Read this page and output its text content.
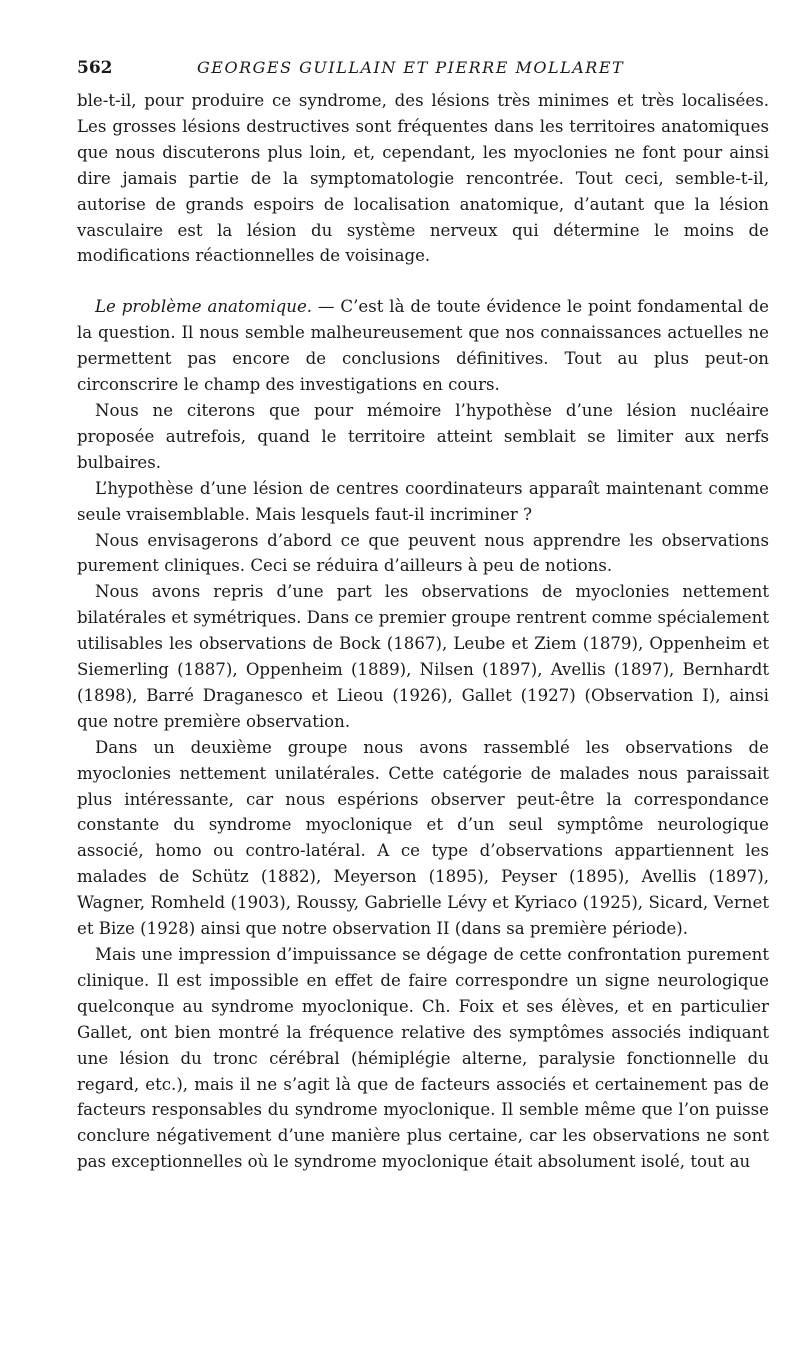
562	GEORGES GUILLAIN ET PIERRE MOLLARET

ble-t-il, pour produire ce syndrome, des lésions très minimes et très localisées. Les grosses lésions destructives sont fréquentes dans les territoires anatomiques que nous discuterons plus loin, et, cependant, les myoclonies ne font pour ainsi dire jamais partie de la symptomatologie rencontrée. Tout ceci, semble-t-il, autorise de grands espoirs de localisation anatomique, d’autant que la lésion vasculaire est la lésion du système nerveux qui détermine le moins de modifications réactionnelles de voisinage.

Le problème anatomique. — C’est là de toute évidence le point fondamental de la question. Il nous semble malheureusement que nos connaissances actuelles ne permettent pas encore de conclusions définitives. Tout au plus peut-on circonscrire le champ des investigations en cours.

Nous ne citerons que pour mémoire l’hypothèse d’une lésion nucléaire proposée autrefois, quand le territoire atteint semblait se limiter aux nerfs bulbaires.

L’hypothèse d’une lésion de centres coordinateurs apparaît maintenant comme seule vraisemblable. Mais lesquels faut-il incriminer ?

Nous envisagerons d’abord ce que peuvent nous apprendre les observations purement cliniques. Ceci se réduira d’ailleurs à peu de notions.

Nous avons repris d’une part les observations de myoclonies nettement bilatérales et symétriques. Dans ce premier groupe rentrent comme spécialement utilisables les observations de Bock (1867), Leube et Ziem (1879), Oppenheim et Siemerling (1887), Oppenheim (1889), Nilsen (1897), Avellis (1897), Bernhardt (1898), Barré Draganesco et Lieou (1926), Gallet (1927) (Observation I), ainsi que notre première observation.

Dans un deuxième groupe nous avons rassemblé les observations de myoclonies nettement unilatérales. Cette catégorie de malades nous paraissait plus intéressante, car nous espérions observer peut-être la correspondance constante du syndrome myoclonique et d’un seul symptôme neurologique associé, homo ou contro-latéral. A ce type d’observations appartiennent les malades de Schütz (1882), Meyerson (1895), Peyser (1895), Avellis (1897), Wagner, Romheld (1903), Roussy, Gabrielle Lévy et Kyriaco (1925), Sicard, Vernet et Bize (1928) ainsi que notre observation II (dans sa première période).

Mais une impression d’impuissance se dégage de cette confrontation purement clinique. Il est impossible en effet de faire correspondre un signe neurologique quelconque au syndrome myoclonique. Ch. Foix et ses élèves, et en particulier Gallet, ont bien montré la fréquence relative des symptômes associés indiquant une lésion du tronc cérébral (hémiplégie alterne, paralysie fonctionnelle du regard, etc.), mais il ne s’agit là que de facteurs associés et certainement pas de facteurs responsables du syndrome myoclonique. Il semble même que l’on puisse conclure négativement d’une manière plus certaine, car les observations ne sont pas exceptionnelles où le syndrome myoclonique était absolument isolé, tout au
